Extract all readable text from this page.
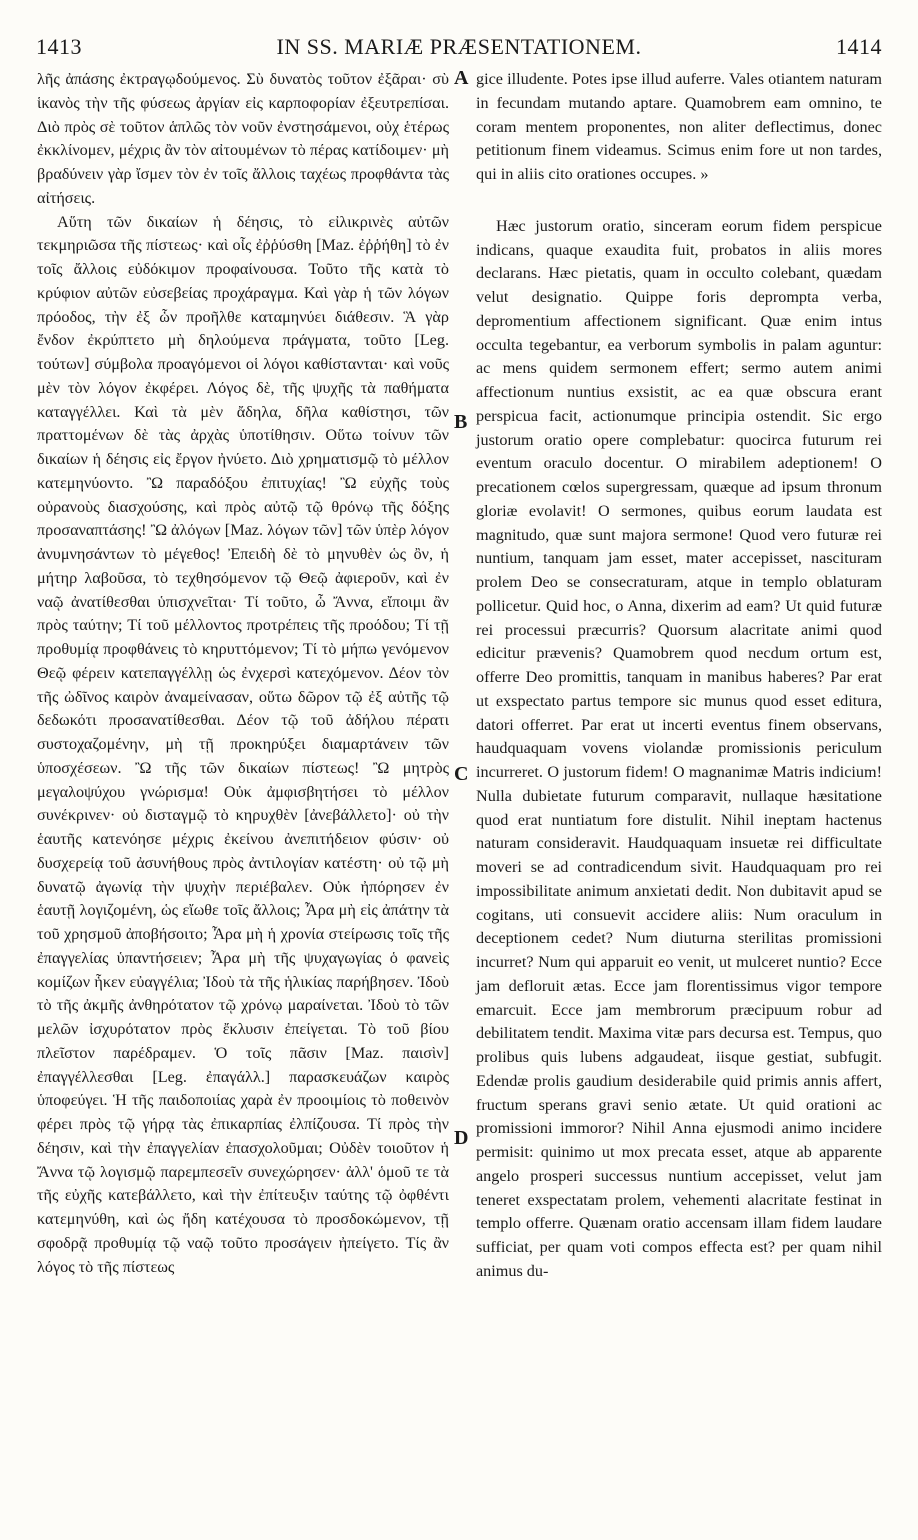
1413	IN SS. MARIÆ PRÆSENTATIONEM.	1414

λῆς ἀπάσης ἐκτραγῳδούμενος. Σὺ δυνατὸς τοῦτον ἐξᾶραι· σὺ ἱκανὸς τὴν τῆς φύσεως ἀργίαν εἰς καρποφορίαν ἐξευτρεπίσαι. Διὸ πρὸς σὲ τοῦτον ἁπλῶς τὸν νοῦν ἐνστησάμενοι, οὐχ ἑτέρως ἐκκλίνομεν, μέχρις ἂν τὸν αἰτουμένων τὸ πέρας κατίδοιμεν· μὴ βραδύνειν γὰρ ἴσμεν τὸν ἐν τοῖς ἄλλοις ταχέως προφθάντα τὰς αἰτήσεις.

Αὕτη τῶν δικαίων ἡ δέησις, τὸ εἰλικρινὲς αὐτῶν τεκμηριῶσα τῆς πίστεως· καὶ οἷς ἐῤῥύσθη [Maz. ἐῤῥήθη] τὸ ἐν τοῖς ἄλλοις εὐδόκιμον προφαίνουσα. Τοῦτο τῆς κατὰ τὸ κρύφιον αὐτῶν εὐσεβείας προχάραγμα. Καὶ γὰρ ἡ τῶν λόγων πρόοδος, τὴν ἐξ ὧν προῆλθε καταμηνύει διάθεσιν. Ἃ γὰρ ἔνδον ἐκρύπτετο μὴ δηλούμενα πράγματα, τοῦτο [Leg. τούτων] σύμβολα προαγόμενοι οἱ λόγοι καθίστανται· καὶ νοῦς μὲν τὸν λόγον ἐκφέρει. Λόγος δὲ, τῆς ψυχῆς τὰ παθήματα καταγγέλλει. Καὶ τὰ μὲν ἄδηλα, δῆλα καθίστησι, τῶν πραττομένων δὲ τὰς ἀρχὰς ὑποτίθησιν. Οὕτω τοίνυν τῶν δικαίων ἡ δέησις εἰς ἔργον ἠνύετο. Διὸ χρηματισμῷ τὸ μέλλον κατεμηνύοντο. Ὢ παραδόξου ἐπιτυχίας! Ὢ εὐχῆς τοὺς οὐρανοὺς διασχούσης, καὶ πρὸς αὐτῷ τῷ θρόνῳ τῆς δόξης προσαναπτάσης! Ὢ ἀλόγων [Maz. λόγων τῶν] τῶν ὑπὲρ λόγον ἀνυμνησάντων τὸ μέγεθος! Ἐπειδὴ δὲ τὸ μηνυθὲν ὡς ὂν, ἡ μήτηρ λαβοῦσα, τὸ τεχθησόμενον τῷ Θεῷ ἀφιεροῦν, καὶ ἐν ναῷ ἀνατίθεσθαι ὑπισχνεῖται· Τί τοῦτο, ὦ Ἄννα, εἴποιμι ἂν πρὸς ταύτην; Τί τοῦ μέλλοντος προτρέπεις τῆς προόδου; Τί τῇ προθυμίᾳ προφθάνεις τὸ κηρυττόμενον; Τί τὸ μήπω γενόμενον Θεῷ φέρειν κατεπαγγέλλῃ ὡς ἐνχερσὶ κατεχόμενον. Δέον τὸν τῆς ὠδῖνος καιρὸν ἀναμείνασαν, οὕτω δῶρον τῷ ἐξ αὐτῆς τῷ δεδωκότι προσανατίθεσθαι. Δέον τῷ τοῦ ἀδήλου πέρατι συστοχαζομένην, μὴ τῇ προκηρύξει διαμαρτάνειν τῶν ὑποσχέσεων. Ὢ τῆς τῶν δικαίων πίστεως! Ὢ μητρὸς μεγαλοψύχου γνώρισμα! Οὐκ ἀμφισβητήσει τὸ μέλλον συνέκρινεν· οὐ δισταγμῷ τὸ κηρυχθὲν [ἀνεβάλλετο]· οὐ τὴν ἑαυτῆς κατενόησε μέχρις ἐκείνου ἀνεπιτήδειον φύσιν· οὐ δυσχερείᾳ τοῦ ἀσυνήθους πρὸς ἀντιλογίαν κατέστη· οὐ τῷ μὴ δυνατῷ ἀγωνίᾳ τὴν ψυχὴν περιέβαλεν. Οὐκ ἠπόρησεν ἐν ἑαυτῇ λογιζομένη, ὡς εἴωθε τοῖς ἄλλοις; Ἆρα μὴ εἰς ἀπάτην τὰ τοῦ χρησμοῦ ἀποβήσοιτο; Ἆρα μὴ ἡ χρονία στείρωσις τοῖς τῆς ἐπαγγελίας ὑπαντήσειεν; Ἆρα μὴ τῆς ψυχαγωγίας ὁ φανεὶς κομίζων ἧκεν εὐαγγέλια; Ἰδοὺ τὰ τῆς ἡλικίας παρήβησεν. Ἰδοὺ τὸ τῆς ἀκμῆς ἀνθηρότατον τῷ χρόνῳ μαραίνεται. Ἰδοὺ τὸ τῶν μελῶν ἰσχυρότατον πρὸς ἔκλυσιν ἐπείγεται. Τὸ τοῦ βίου πλεῖστον παρέδραμεν. Ὁ τοῖς πᾶσιν [Maz. παισὶν] ἐπαγγέλλεσθαι [Leg. ἐπαγάλλ.] παρασκευάζων καιρὸς ὑποφεύγει. Ἡ τῆς παιδοποιίας χαρὰ ἐν προοιμίοις τὸ ποθεινὸν φέρει πρὸς τῷ γήρᾳ τὰς ἐπικαρπίας ἐλπίζουσα. Τί πρὸς τὴν δέησιν, καὶ τὴν ἐπαγγελίαν ἐπασχολοῦμαι; Οὐδὲν τοιοῦτον ἡ Ἄννα τῷ λογισμῷ παρεμπεσεῖν συνεχώρησεν· ἀλλ' ὁμοῦ τε τὰ τῆς εὐχῆς κατεβάλλετο, καὶ τὴν ἐπίτευξιν ταύτης τῷ ὀφθέντι κατεμηνύθη, καὶ ὡς ἤδη κατέχουσα τὸ προσδοκώμενον, τῇ σφοδρᾷ προθυμίᾳ τῷ ναῷ τοῦτο προσάγειν ἠπείγετο. Τίς ἂν λόγος τὸ τῆς πίστεως

gice illudente. Potes ipse illud auferre. Vales otiantem naturam in fecundam mutando aptare. Quamobrem eam omnino, te coram mentem proponentes, non aliter deflectimus, donec petitionum finem videamus. Scimus enim fore ut non tardes, qui in aliis cito orationes occupes. »

Hæc justorum oratio, sinceram eorum fidem perspicue indicans, quaque exaudita fuit, probatos in aliis mores declarans. Hæc pietatis, quam in occulto colebant, quædam velut designatio. Quippe foris deprompta verba, depromentium affectionem significant. Quæ enim intus occulta tegebantur, ea verborum symbolis in palam aguntur: ac mens quidem sermonem effert; sermo autem animi affectionum nuntius exsistit, ac ea quæ obscura erant perspicua facit, actionumque principia ostendit. Sic ergo justorum oratio opere complebatur: quocirca futurum rei eventum oraculo docentur. O mirabilem adeptionem! O precationem cœlos supergressam, quæque ad ipsum thronum gloriæ evolavit! O sermones, quibus eorum laudata est magnitudo, quæ sunt majora sermone! Quod vero futuræ rei nuntium, tanquam jam esset, mater accepisset, nascituram prolem Deo se consecraturam, atque in templo oblaturam pollicetur. Quid hoc, o Anna, dixerim ad eam? Ut quid futuræ rei processui præcurris? Quorsum alacritate animi quod edicitur prævenis? Quamobrem quod necdum ortum est, offerre Deo promittis, tanquam in manibus haberes? Par erat ut exspectato partus tempore sic munus quod esset editura, datori offerret. Par erat ut incerti eventus finem observans, haudquaquam vovens violandæ promissionis periculum incurreret. O justorum fidem! O magnanimæ Matris indicium! Nulla dubietate futurum comparavit, nullaque hæsitatione quod erat nuntiatum fore distulit. Nihil ineptam hactenus naturam consideravit. Haudquaquam insuetæ rei difficultate moveri se ad contradicendum sivit. Haudquaquam pro rei impossibilitate animum anxietati dedit. Non dubitavit apud se cogitans, uti consuevit accidere aliis: Num oraculum in deceptionem cedet? Num diuturna sterilitas promissioni incurret? Num qui apparuit eo venit, ut mulceret nuntio? Ecce jam defloruit ætas. Ecce jam florentissimus vigor tempore emarcuit. Ecce jam membrorum præcipuum robur ad debilitatem tendit. Maxima vitæ pars decursa est. Tempus, quo prolibus quis lubens adgaudeat, iisque gestiat, subfugit. Edendæ prolis gaudium desiderabile quid primis annis affert, fructum sperans gravi senio ætate. Ut quid orationi ac promissioni immoror? Nihil Anna ejusmodi animo incidere permisit: quinimo ut mox precata esset, atque ab apparente angelo prosperi successus nuntium accepisset, velut jam teneret exspectatam prolem, vehementi alacritate festinat in templo offerre. Quænam oratio accensam illam fidem laudare sufficiat, per quam voti compos effecta est? per quam nihil animus du-

A
B
C
D
